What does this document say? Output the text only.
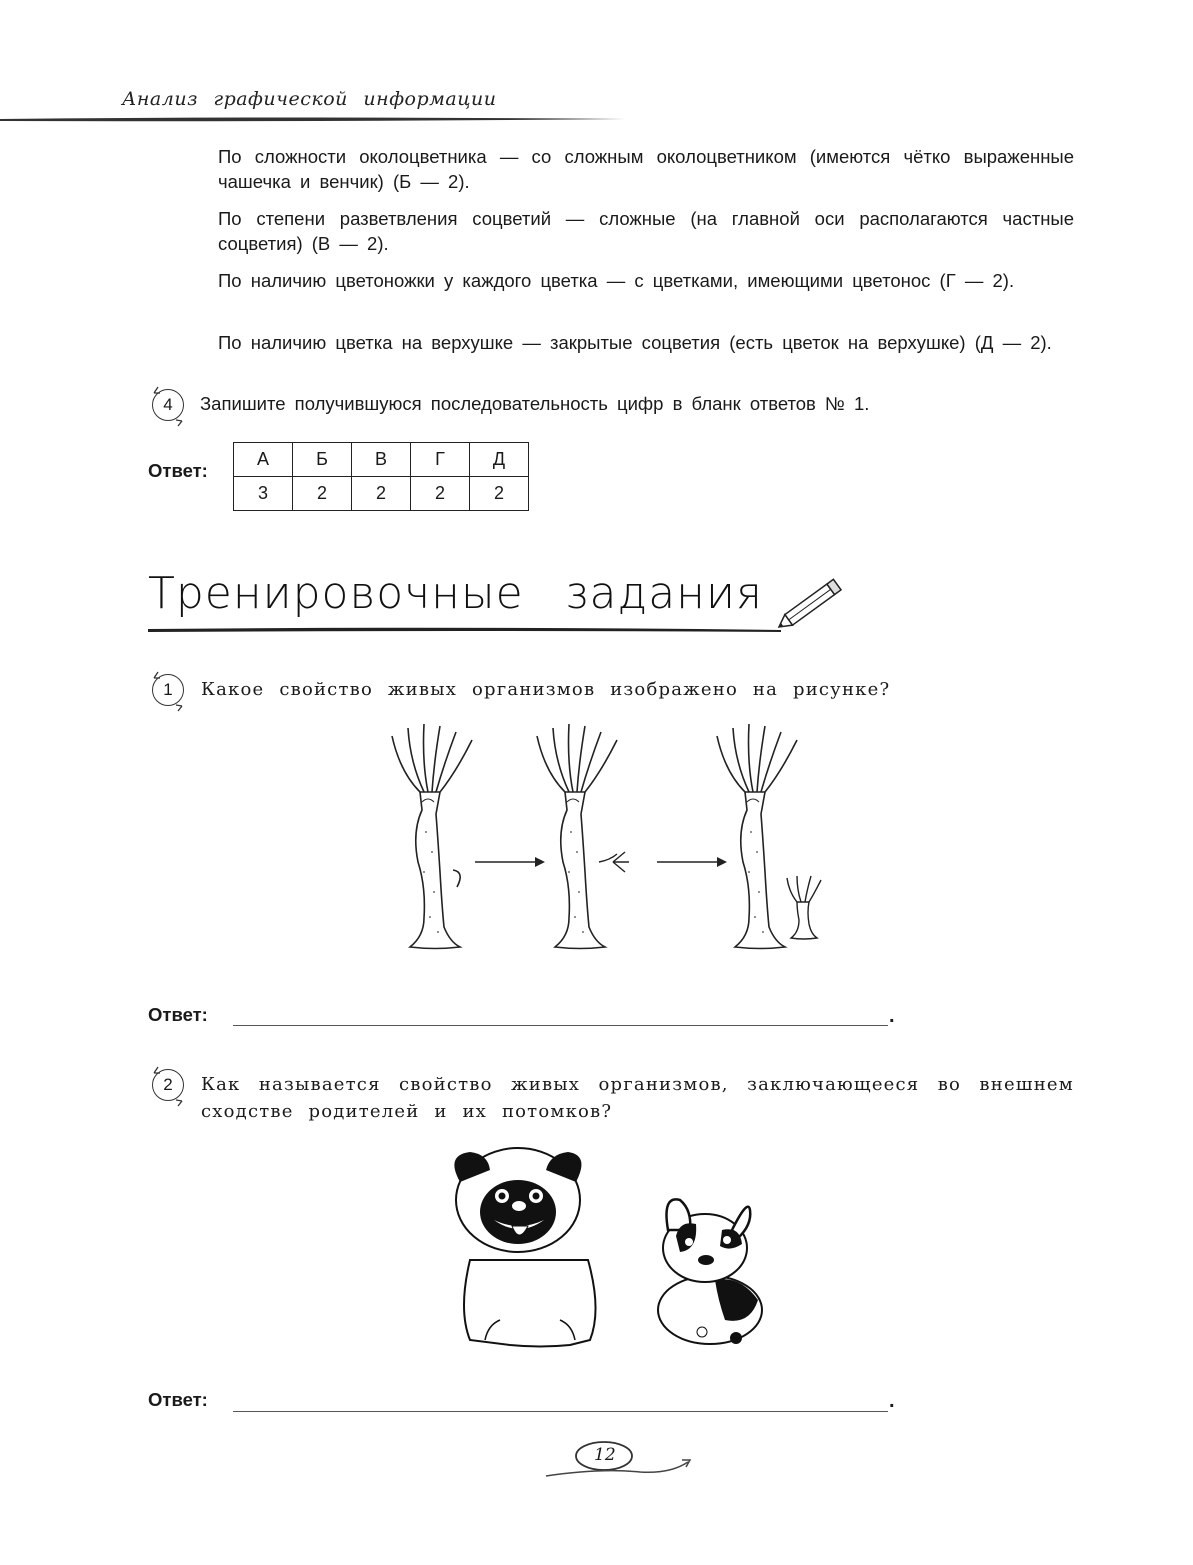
Анализ графической информации
По сложности околоцветника — со сложным околоцветником (имеются чётко выраженные чашечка и венчик) (Б — 2).
По степени разветвления соцветий — сложные (на главной оси располагаются частные соцветия) (В — 2).
По наличию цветоножки у каждого цветка — с цветками, имеющими цветонос (Г — 2).
По наличию цветка на верхушке — закрытые соцветия (есть цветок на верхушке) (Д — 2).
4 Запишите получившуюся последовательность цифр в бланк ответов № 1.
Ответ:
А	Б	В	Г	Д
3	2	2	2	2
Тренировочные задания
1 Какое свойство живых организмов изображено на рисунке?
Ответ:	.
2 Как называется свойство живых организмов, заключающееся во внешнем сходстве родителей и их потомков?
Ответ:	.
12
